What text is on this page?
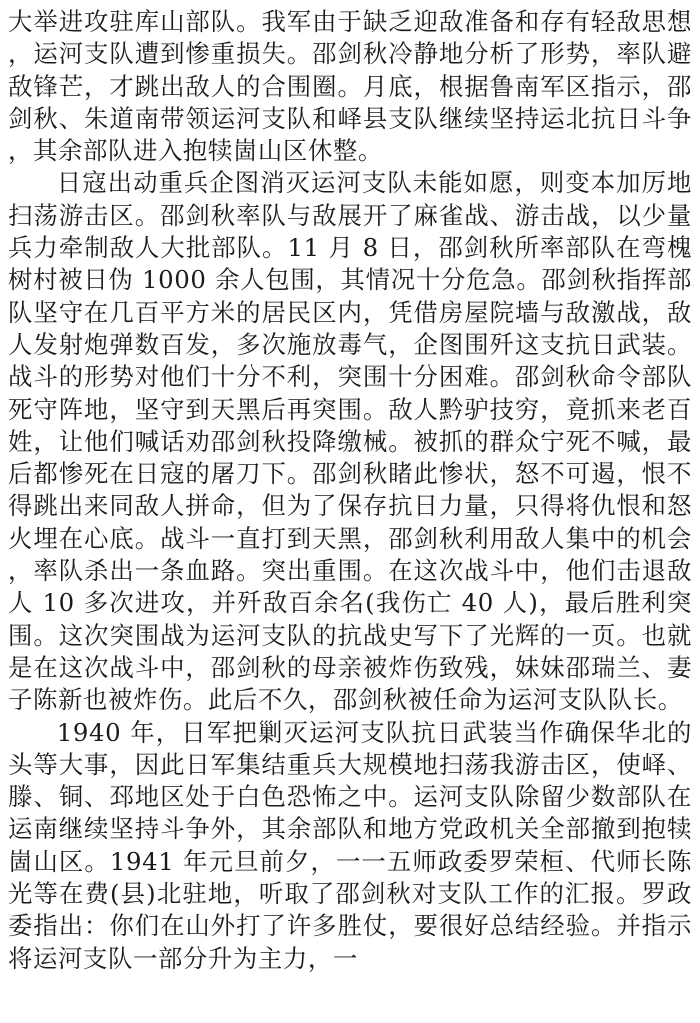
大举进攻驻库山部队。我军由于缺乏迎敌准备和存有轻敌思想，运河支队遭到惨重损失。邵剑秋冷静地分析了形势，率队避敌锋芒，才跳出敌人的合围圈。月底，根据鲁南军区指示，邵剑秋、朱道南带领运河支队和峄县支队继续坚持运北抗日斗争，其余部队进入抱犊崮山区休整。

日寇出动重兵企图消灭运河支队未能如愿，则变本加厉地扫荡游击区。邵剑秋率队与敌展开了麻雀战、游击战，以少量兵力牵制敌人大批部队。11 月 8 日，邵剑秋所率部队在弯槐树村被日伪 1000 余人包围，其情况十分危急。邵剑秋指挥部队坚守在几百平方米的居民区内，凭借房屋院墙与敌激战，敌人发射炮弹数百发，多次施放毒气，企图围歼这支抗日武装。战斗的形势对他们十分不利，突围十分困难。邵剑秋命令部队死守阵地，坚守到天黑后再突围。敌人黔驴技穷，竟抓来老百姓，让他们喊话劝邵剑秋投降缴械。被抓的群众宁死不喊，最后都惨死在日寇的屠刀下。邵剑秋睹此惨状，怒不可遏，恨不得跳出来同敌人拼命，但为了保存抗日力量，只得将仇恨和怒火埋在心底。战斗一直打到天黑，邵剑秋利用敌人集中的机会，率队杀出一条血路。突出重围。在这次战斗中，他们击退敌人 10 多次进攻，并歼敌百余名(我伤亡 40 人)，最后胜利突围。这次突围战为运河支队的抗战史写下了光辉的一页。也就是在这次战斗中，邵剑秋的母亲被炸伤致残，妹妹邵瑞兰、妻子陈新也被炸伤。此后不久，邵剑秋被任命为运河支队队长。

1940 年，日军把剿灭运河支队抗日武装当作确保华北的头等大事，因此日军集结重兵大规模地扫荡我游击区，使峄、滕、铜、邳地区处于白色恐怖之中。运河支队除留少数部队在运南继续坚持斗争外，其余部队和地方党政机关全部撤到抱犊崮山区。1941 年元旦前夕，一一五师政委罗荣桓、代师长陈光等在费(县)北驻地，听取了邵剑秋对支队工作的汇报。罗政委指出：你们在山外打了许多胜仗，要很好总结经验。并指示将运河支队一部分升为主力，一
